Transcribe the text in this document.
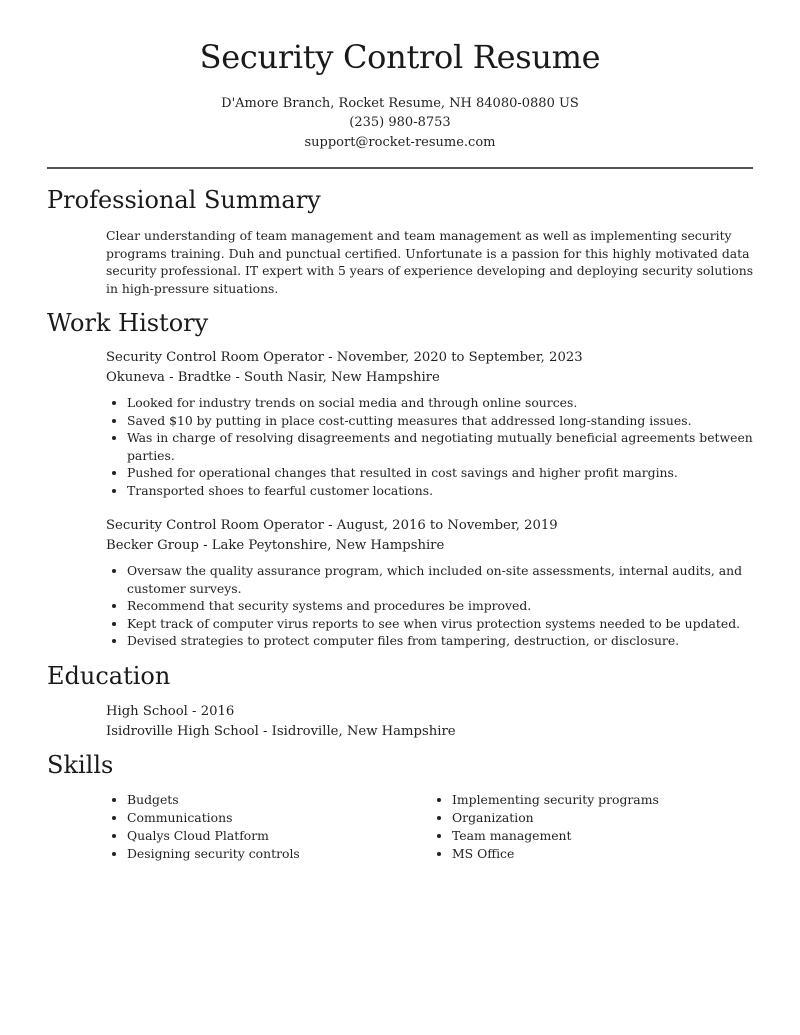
Security Control Resume
D'Amore Branch, Rocket Resume, NH 84080-0880 US
(235) 980-8753
support@rocket-resume.com
Professional Summary
Clear understanding of team management and team management as well as implementing security programs training. Duh and punctual certified. Unfortunate is a passion for this highly motivated data security professional. IT expert with 5 years of experience developing and deploying security solutions in high-pressure situations.
Work History
Security Control Room Operator - November, 2020 to September, 2023
Okuneva - Bradtke - South Nasir, New Hampshire
• Looked for industry trends on social media and through online sources.
• Saved $10 by putting in place cost-cutting measures that addressed long-standing issues.
• Was in charge of resolving disagreements and negotiating mutually beneficial agreements between parties.
• Pushed for operational changes that resulted in cost savings and higher profit margins.
• Transported shoes to fearful customer locations.
Security Control Room Operator - August, 2016 to November, 2019
Becker Group - Lake Peytonshire, New Hampshire
• Oversaw the quality assurance program, which included on-site assessments, internal audits, and customer surveys.
• Recommend that security systems and procedures be improved.
• Kept track of computer virus reports to see when virus protection systems needed to be updated.
• Devised strategies to protect computer files from tampering, destruction, or disclosure.
Education
High School - 2016
Isidroville High School - Isidroville, New Hampshire
Skills
• Budgets
• Communications
• Qualys Cloud Platform
• Designing security controls
• Implementing security programs
• Organization
• Team management
• MS Office
